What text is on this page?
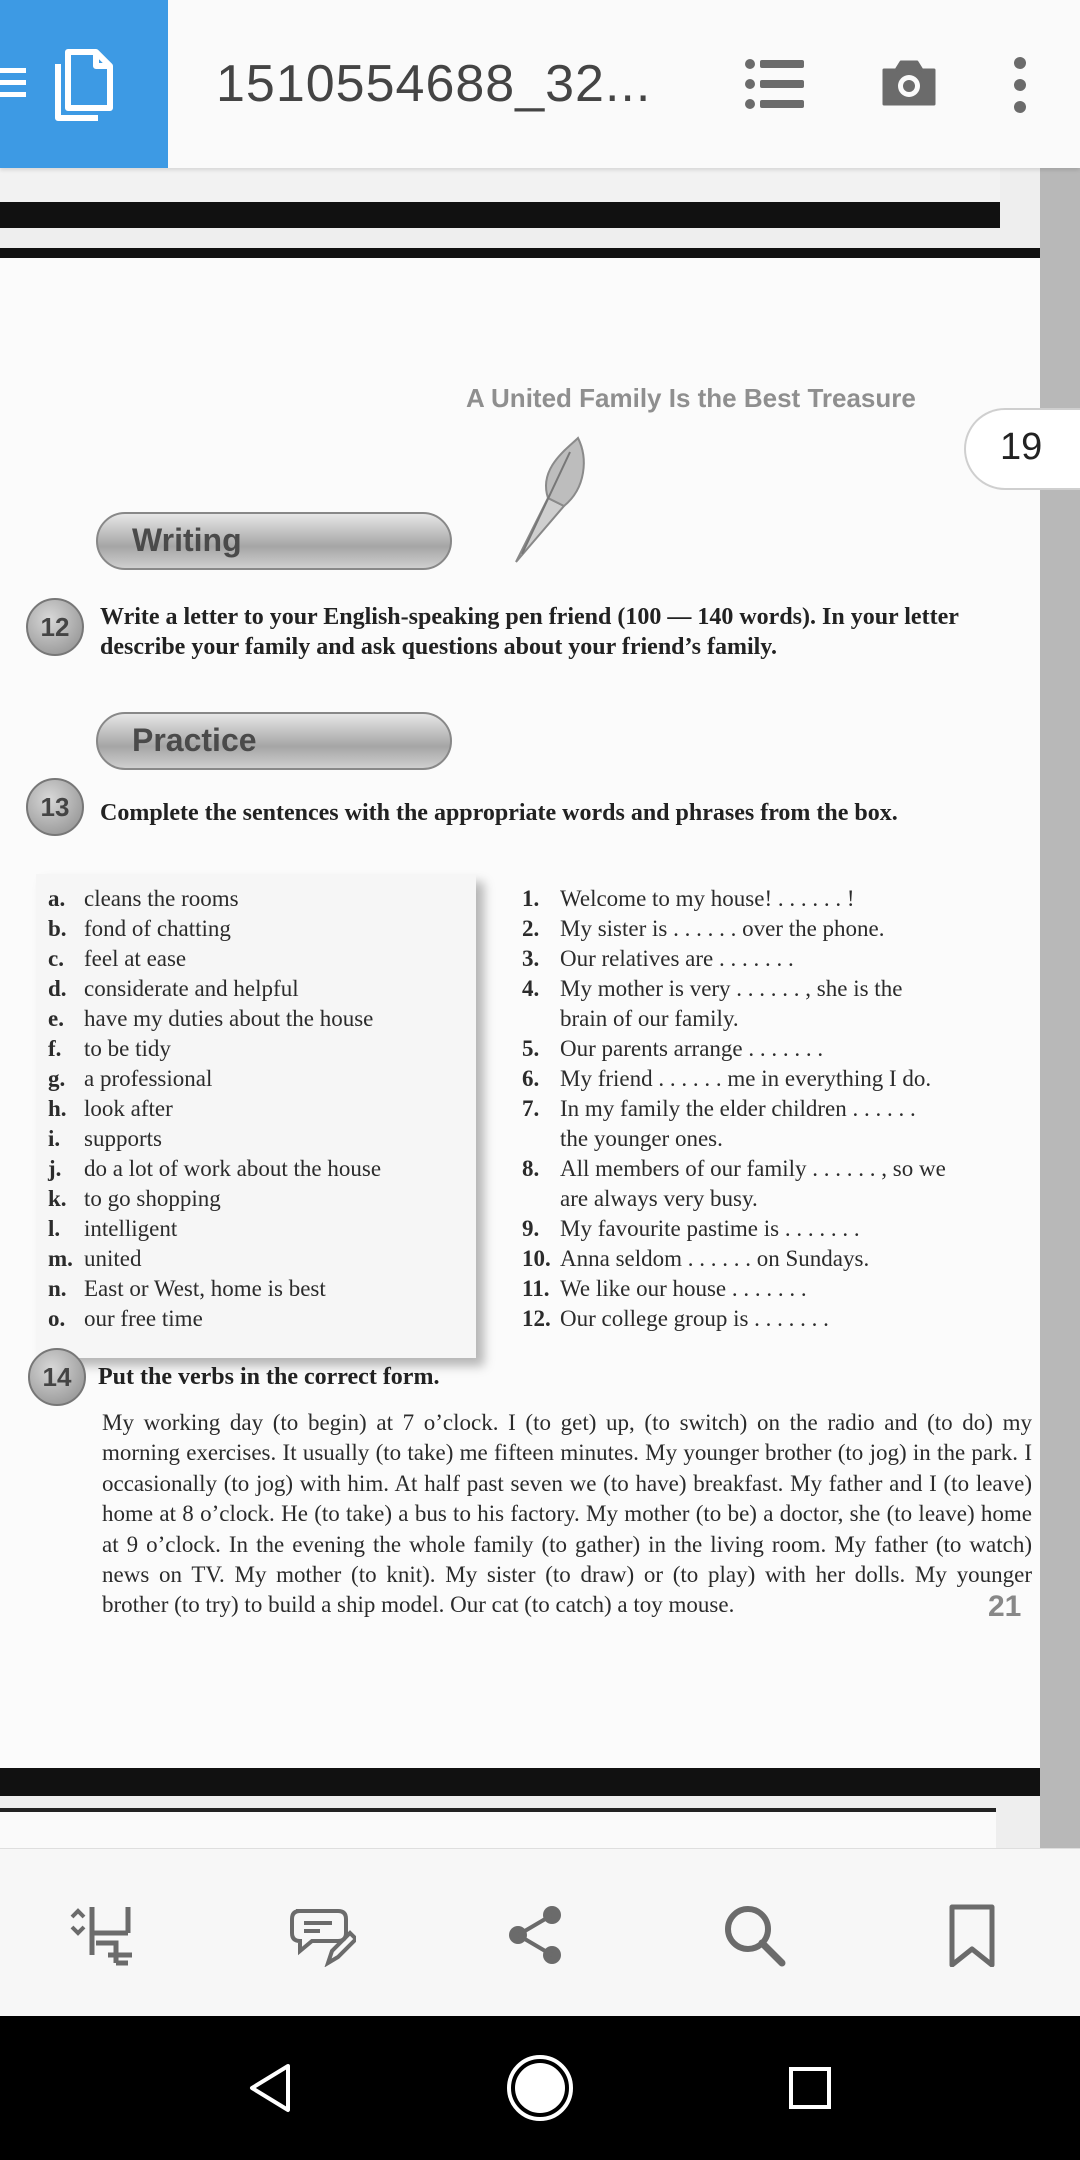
1510554688_32...
A United Family Is the Best Treasure
19
Writing
12	Write a letter to your English-speaking pen friend (100 — 140 words). In your letter describe your family and ask questions about your friend’s family.
Practice
13	Complete the sentences with the appropriate words and phrases from the box.
a. cleans the rooms
b. fond of chatting
c. feel at ease
d. considerate and helpful
e. have my duties about the house
f. to be tidy
g. a professional
h. look after
i. supports
j. do a lot of work about the house
k. to go shopping
l. intelligent
m. united
n. East or West, home is best
o. our free time
1. Welcome to my house! . . . . . . !
2. My sister is . . . . . . over the phone.
3. Our relatives are . . . . . . .
4. My mother is very . . . . . . , she is the
brain of our family.
5. Our parents arrange . . . . . . .
6. My friend . . . . . . me in everything I do.
7. In my family the elder children . . . . . .
the younger ones.
8. All members of our family . . . . . . , so we
are always very busy.
9. My favourite pastime is . . . . . . .
10. Anna seldom . . . . . . on Sundays.
11. We like our house . . . . . . .
12. Our college group is . . . . . . .
14	Put the verbs in the correct form.
My working day (to begin) at 7 o’clock. I (to get) up, (to switch) on the radio and (to do) my morning exercises. It usually (to take) me fifteen minutes. My younger brother (to jog) in the park. I occasionally (to jog) with him. At half past seven we (to have) breakfast. My father and I (to leave) home at 8 o’clock. He (to take) a bus to his factory. My mother (to be) a doctor, she (to leave) home at 9 o’clock. In the evening the whole family (to gather) in the living room. My father (to watch) news on TV. My mother (to knit). My sister (to draw) or (to play) with her dolls. My younger brother (to try) to build a ship model. Our cat (to catch) a toy mouse.	21
